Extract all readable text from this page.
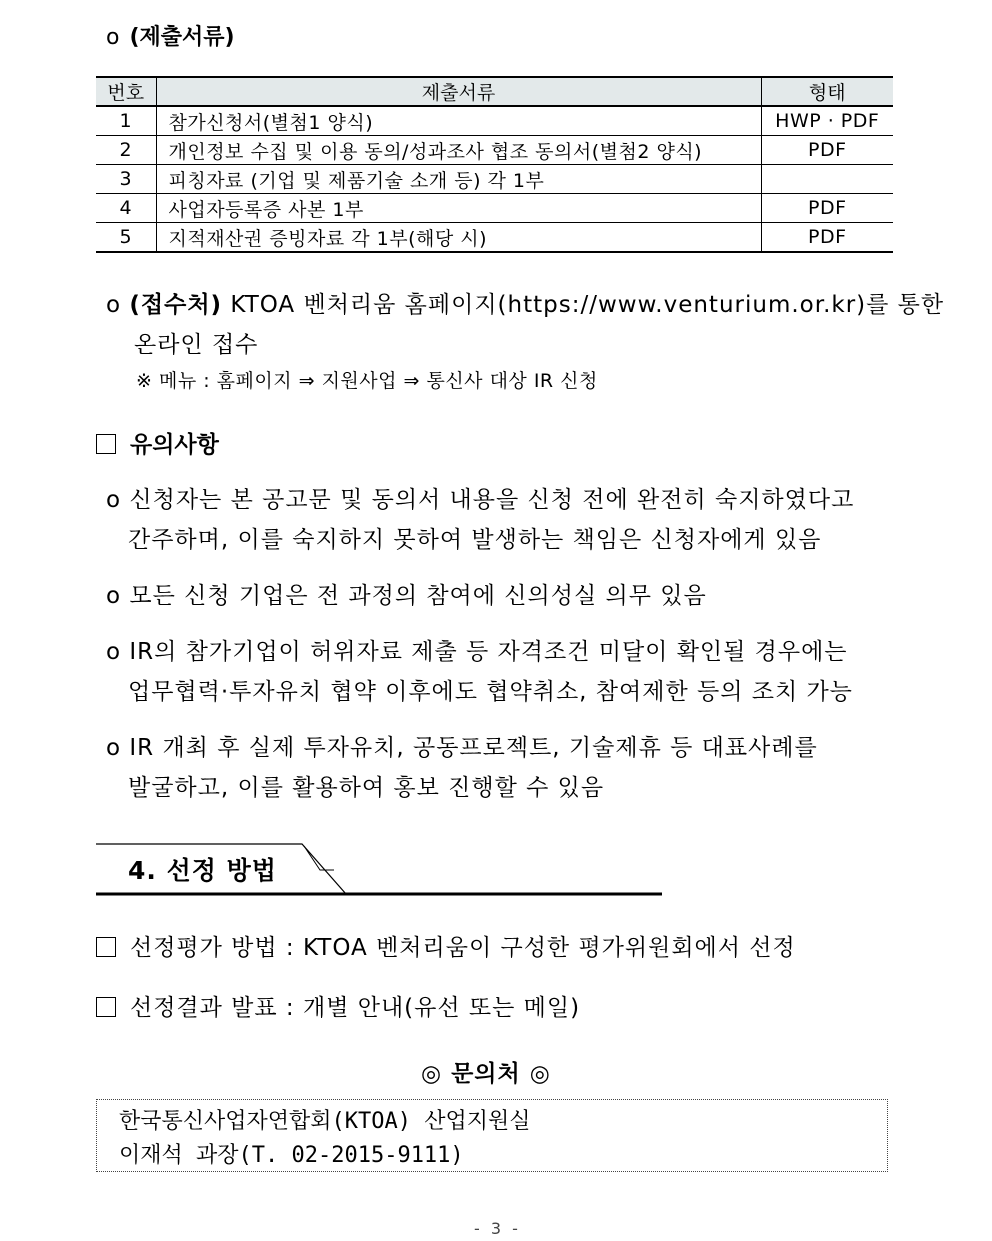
o (제출서류)
번호	제출서류	형태
1	참가신청서(별첨1 양식)	HWP · PDF
2	개인정보 수집 및 이용 동의/성과조사 협조 동의서(별첨2 양식)	PDF
3	피칭자료 (기업 및 제품기술 소개 등) 각 1부	
4	사업자등록증 사본 1부	PDF
5	지적재산권 증빙자료 각 1부(해당 시)	PDF
o (접수처) KTOA 벤처리움 홈페이지(https://www.venturium.or.kr)를 통한
온라인 접수
※ 메뉴 : 홈페이지 ⇒ 지원사업 ⇒ 통신사 대상 IR 신청
유의사항
o 신청자는 본 공고문 및 동의서 내용을 신청 전에 완전히 숙지하였다고
간주하며, 이를 숙지하지 못하여 발생하는 책임은 신청자에게 있음
o 모든 신청 기업은 전 과정의 참여에 신의성실 의무 있음
o IR의 참가기업이 허위자료 제출 등 자격조건 미달이 확인될 경우에는
업무협력·투자유치 협약 이후에도 협약취소, 참여제한 등의 조치 가능
o IR 개최 후 실제 투자유치, 공동프로젝트, 기술제휴 등 대표사례를
발굴하고, 이를 활용하여 홍보 진행할 수 있음
4. 선정 방법
선정평가 방법 : KTOA 벤처리움이 구성한 평가위원회에서 선정
선정결과 발표 : 개별 안내(유선 또는 메일)
◎ 문의처 ◎
한국통신사업자연합회(KTOA) 산업지원실
이재석 과장(T. 02-2015-9111)
- 3 -
